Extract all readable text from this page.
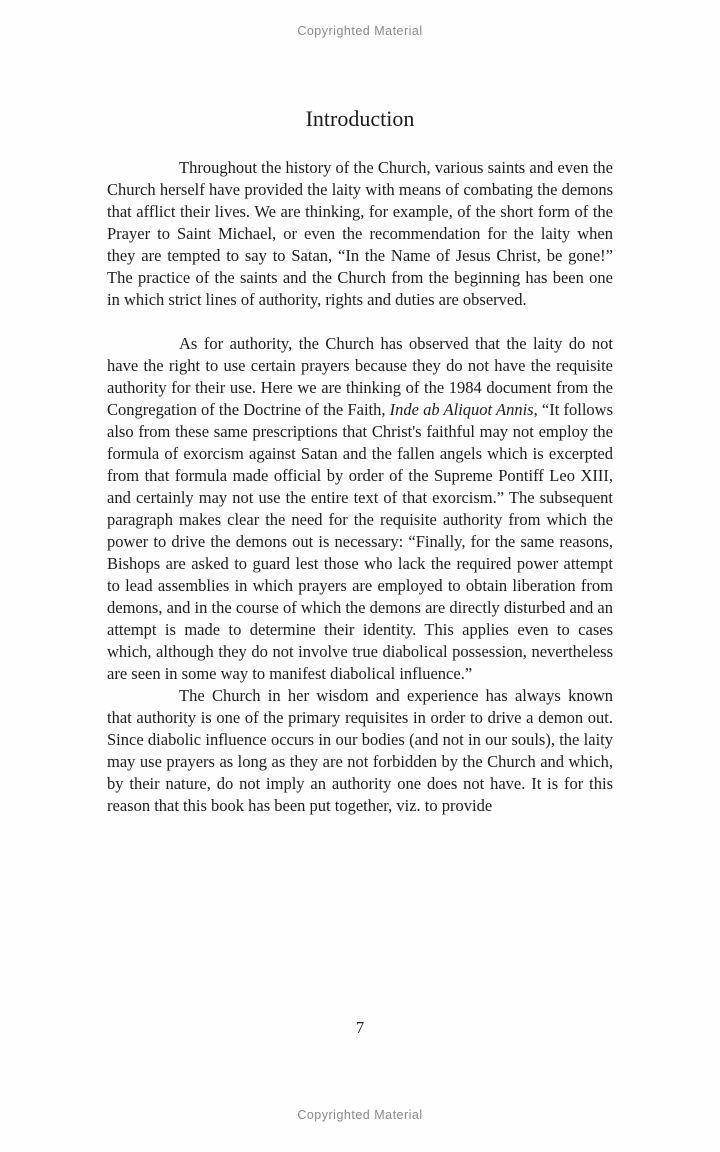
Copyrighted Material
Introduction

Throughout the history of the Church, various saints and even the Church herself have provided the laity with means of combating the demons that afflict their lives. We are thinking, for example, of the short form of the Prayer to Saint Michael, or even the recommendation for the laity when they are tempted to say to Satan, “In the Name of Jesus Christ, be gone!” The practice of the saints and the Church from the beginning has been one in which strict lines of authority, rights and duties are observed.

As for authority, the Church has observed that the laity do not have the right to use certain prayers because they do not have the requisite authority for their use. Here we are thinking of the 1984 document from the Congregation of the Doctrine of the Faith, Inde ab Aliquot Annis, “It follows also from these same prescriptions that Christ's faithful may not employ the formula of exorcism against Satan and the fallen angels which is excerpted from that formula made official by order of the Supreme Pontiff Leo XIII, and certainly may not use the entire text of that exorcism.” The subsequent paragraph makes clear the need for the requisite authority from which the power to drive the demons out is necessary: “Finally, for the same reasons, Bishops are asked to guard lest those who lack the required power attempt to lead assemblies in which prayers are employed to obtain liberation from demons, and in the course of which the demons are directly disturbed and an attempt is made to determine their identity. This applies even to cases which, although they do not involve true diabolical possession, nevertheless are seen in some way to manifest diabolical influence.”

The Church in her wisdom and experience has always known that authority is one of the primary requisites in order to drive a demon out. Since diabolic influence occurs in our bodies (and not in our souls), the laity may use prayers as long as they are not forbidden by the Church and which, by their nature, do not imply an authority one does not have. It is for this reason that this book has been put together, viz. to provide

7
Copyrighted Material
